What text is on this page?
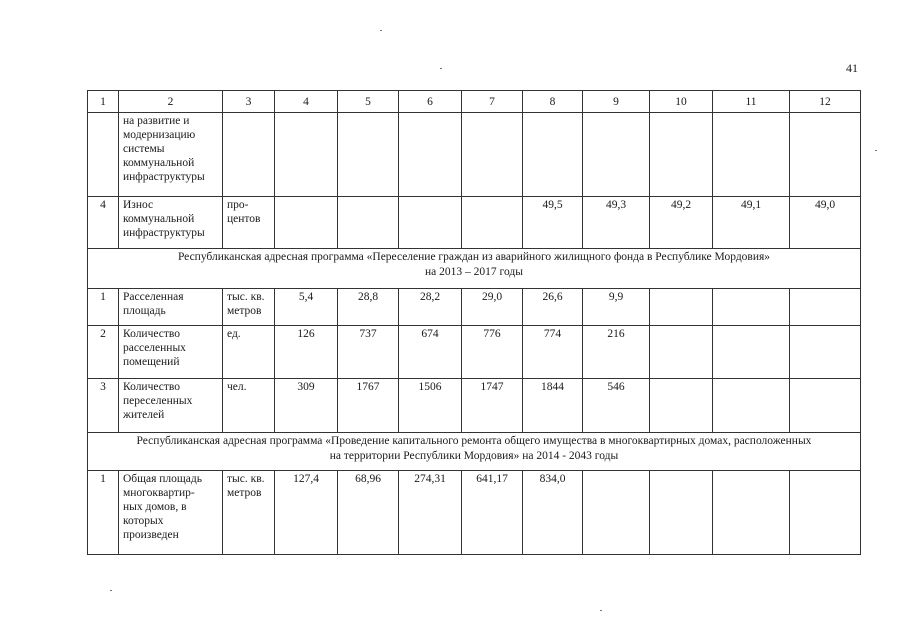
41
1	2	3	4	5	6	7	8	9	10	11	12

	на развитие и
модернизацию
системы
коммунальной
инфраструктуры										

4	Износ
коммунальной
инфраструктуры	про-
центов					49,5	49,3	49,2	49,1	49,0

Республиканская адресная программа «Переселение граждан из аварийного жилищного фонда в Республике Мордовия»
на 2013 – 2017 годы											

1	Расселенная
площадь	тыс. кв.
метров	5,4	28,8	28,2	29,0	26,6	9,9			
2	Количество
расселенных
помещений	ед.	126	737	674	776	774	216			
3	Количество
переселенных
жителей	чел.	309	1767	1506	1747	1844	546			

Республиканская адресная программа «Проведение капитального ремонта общего имущества в многоквартирных домах, расположенных
на территории Республики Мордовия» на 2014 - 2043 годы											

1	Общая площадь
многоквартир-
ных домов, в
которых
произведен	тыс. кв.
метров	127,4	68,96	274,31	641,17	834,0				
